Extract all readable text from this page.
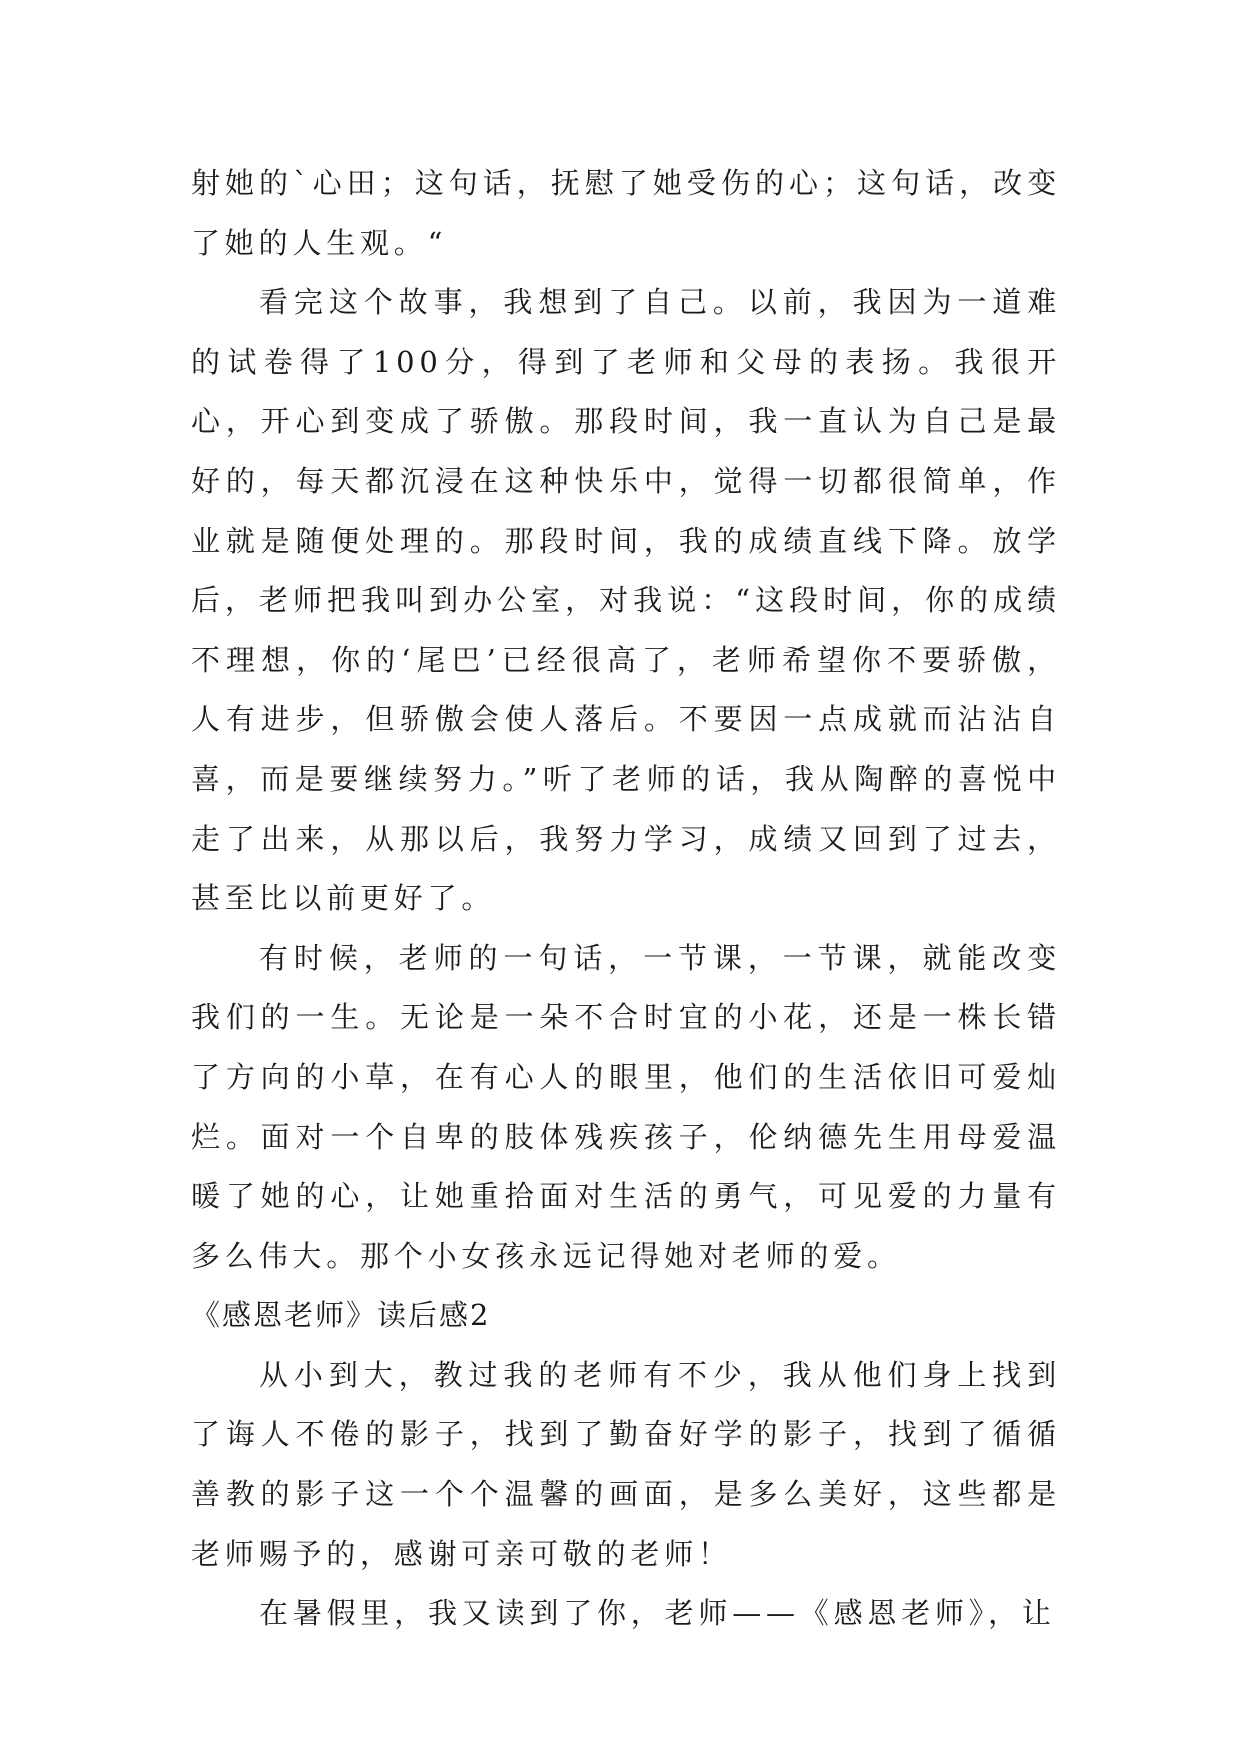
射她的`心田；这句话，抚慰了她受伤的心；这句话，改变了她的人生观。“

看完这个故事，我想到了自己。以前，我因为一道难的试卷得了100分，得到了老师和父母的表扬。我很开心，开心到变成了骄傲。那段时间，我一直认为自己是最好的，每天都沉浸在这种快乐中，觉得一切都很简单，作业就是随便处理的。那段时间，我的成绩直线下降。放学后，老师把我叫到办公室，对我说：“这段时间，你的成绩不理想，你的‘尾巴’已经很高了，老师希望你不要骄傲，人有进步，但骄傲会使人落后。不要因一点成就而沾沾自喜，而是要继续努力。”听了老师的话，我从陶醉的喜悦中走了出来，从那以后，我努力学习，成绩又回到了过去，甚至比以前更好了。

有时候，老师的一句话，一节课，一节课，就能改变我们的一生。无论是一朵不合时宜的小花，还是一株长错了方向的小草，在有心人的眼里，他们的生活依旧可爱灿烂。面对一个自卑的肢体残疾孩子，伦纳德先生用母爱温暖了她的心，让她重拾面对生活的勇气，可见爱的力量有多么伟大。那个小女孩永远记得她对老师的爱。

《感恩老师》读后感2

从小到大，教过我的老师有不少，我从他们身上找到了诲人不倦的影子，找到了勤奋好学的影子，找到了循循善教的影子这一个个温馨的画面，是多么美好，这些都是老师赐予的，感谢可亲可敬的老师！

在暑假里，我又读到了你，老师——《感恩老师》，让
